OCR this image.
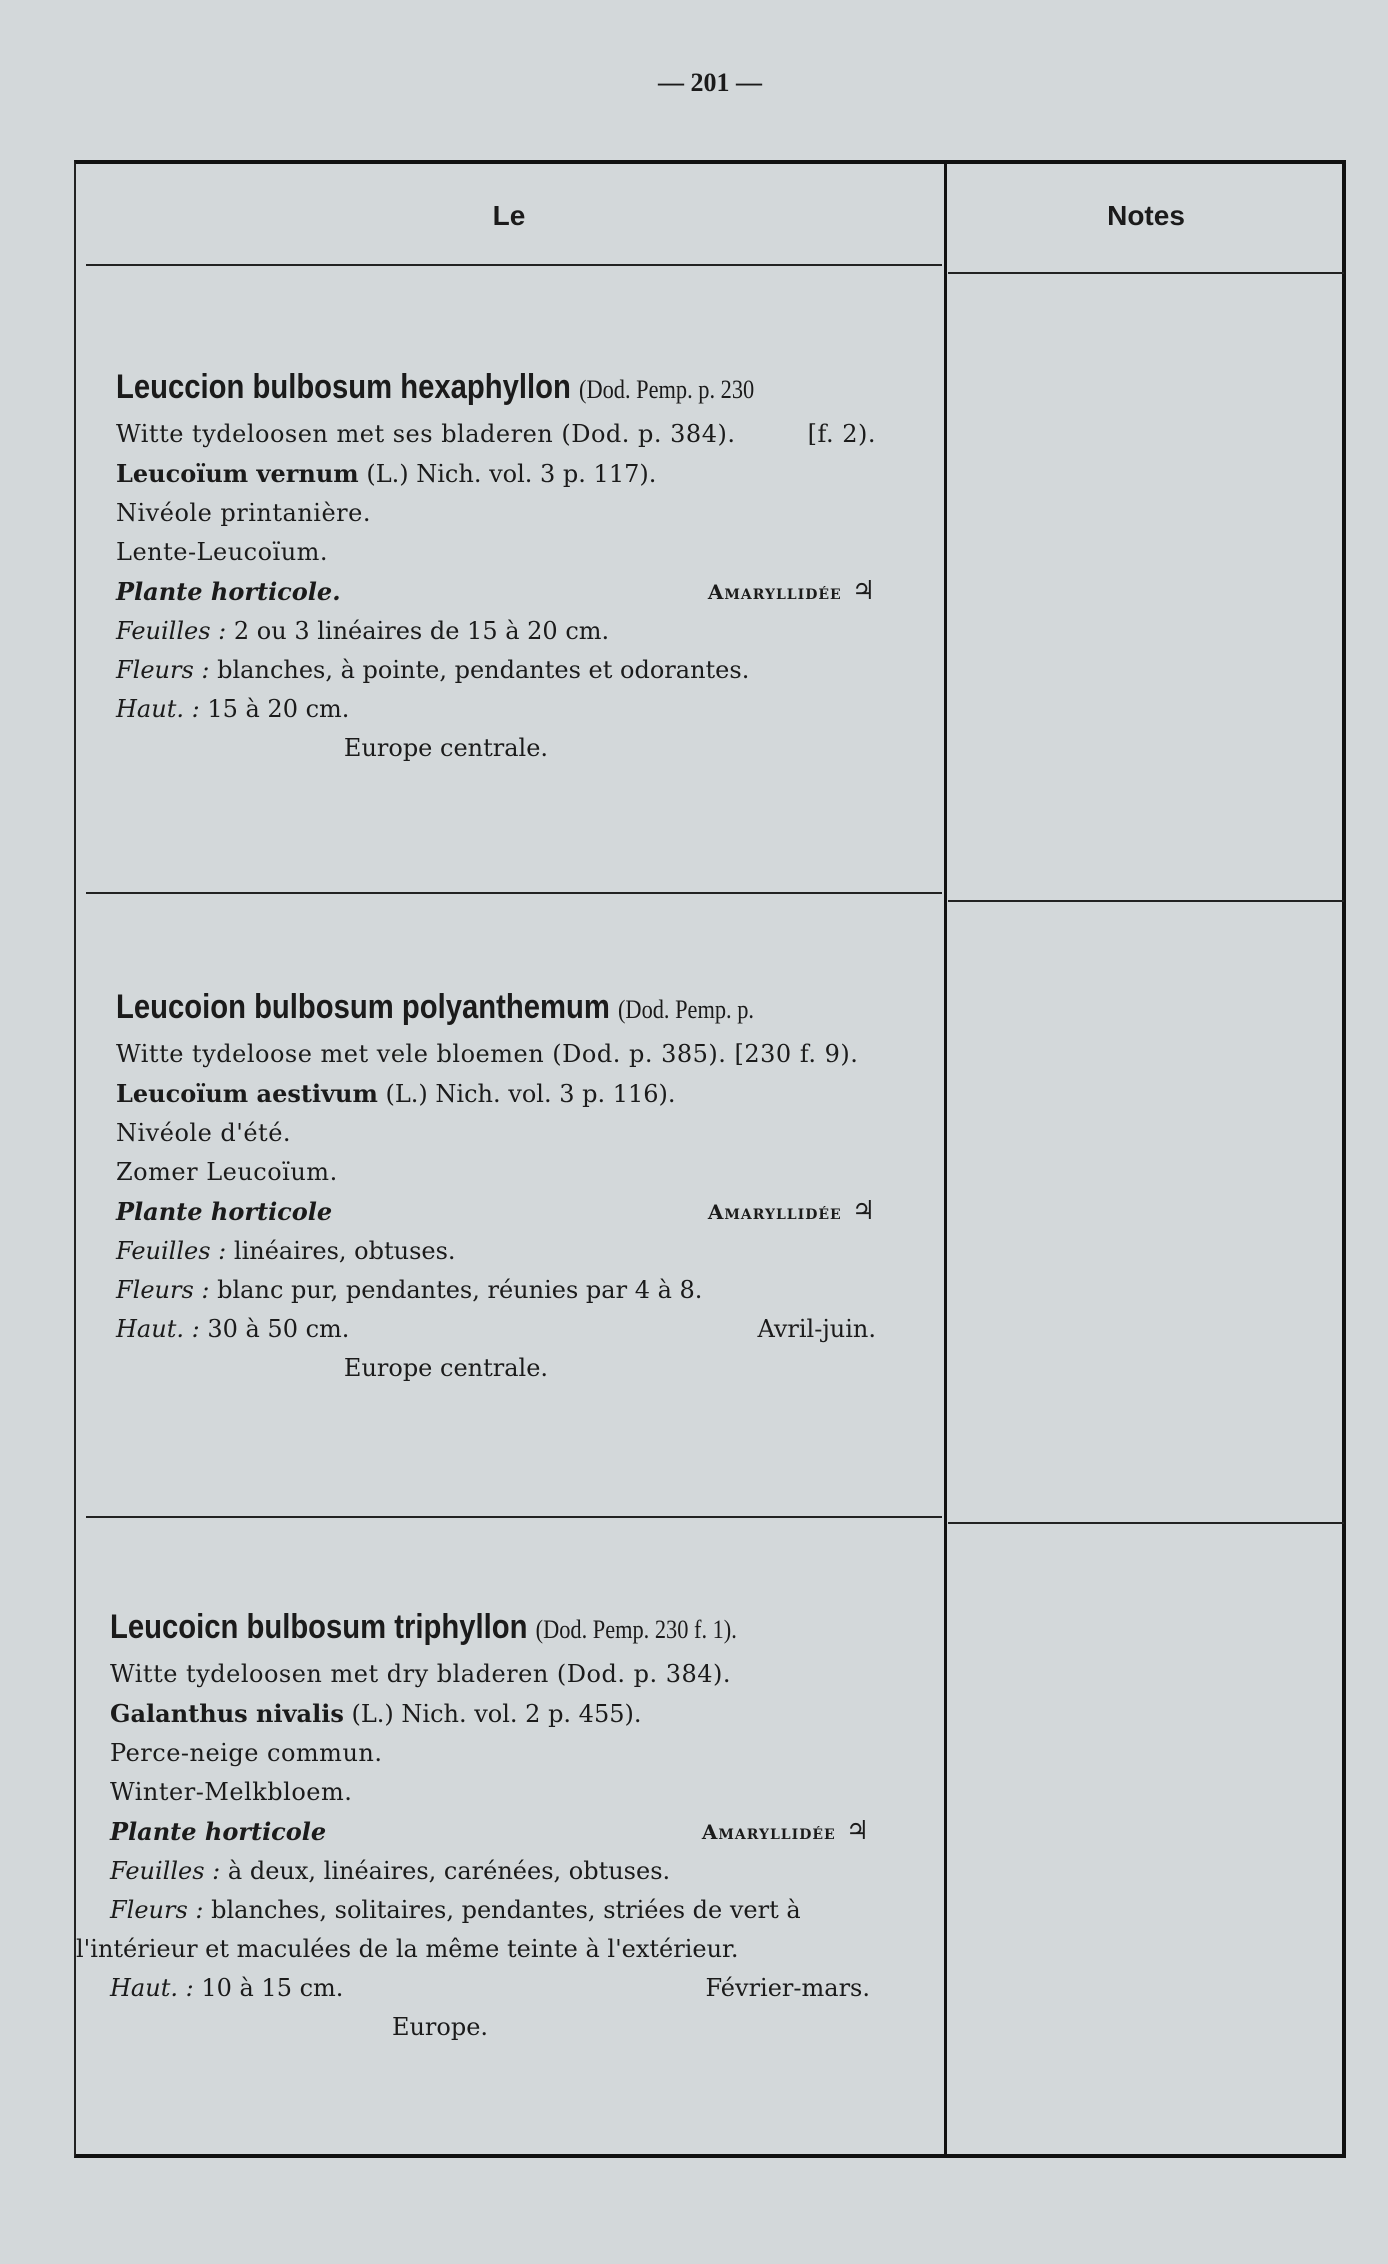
— 201 —
Le	Notes

Leuccion bulbosum hexaphyllon (Dod. Pemp. p. 230

Witte tydeloosen met ses bladeren (Dod. p. 384).	[f. 2).

Leucoïum vernum (L.) Nich. vol. 3 p. 117).

Nivéole printanière.

Lente-Leucoïum.

Plante horticole.	Amaryllidée ♃

Feuilles : 2 ou 3 linéaires de 15 à 20 cm.

Fleurs : blanches, à pointe, pendantes et odorantes.

Haut. : 15 à 20 cm.

Europe centrale.

Leucoion bulbosum polyanthemum (Dod. Pemp. p.

Witte tydeloose met vele bloemen (Dod. p. 385). [230 f. 9).

Leucoïum aestivum (L.) Nich. vol. 3 p. 116).

Nivéole d'été.

Zomer Leucoïum.

Plante horticole	Amaryllidée ♃

Feuilles : linéaires, obtuses.

Fleurs : blanc pur, pendantes, réunies par 4 à 8.

Haut. : 30 à 50 cm.	Avril-juin.

Europe centrale.

Leucoicn bulbosum triphyllon (Dod. Pemp. 230 f. 1).

Witte tydeloosen met dry bladeren (Dod. p. 384).

Galanthus nivalis (L.) Nich. vol. 2 p. 455).

Perce-neige commun.

Winter-Melkbloem.

Plante horticole	Amaryllidée ♃

Feuilles : à deux, linéaires, carénées, obtuses.

Fleurs : blanches, solitaires, pendantes, striées de vert à

l'intérieur et maculées de la même teinte à l'extérieur.

Haut. : 10 à 15 cm.	Février-mars.

Europe.
